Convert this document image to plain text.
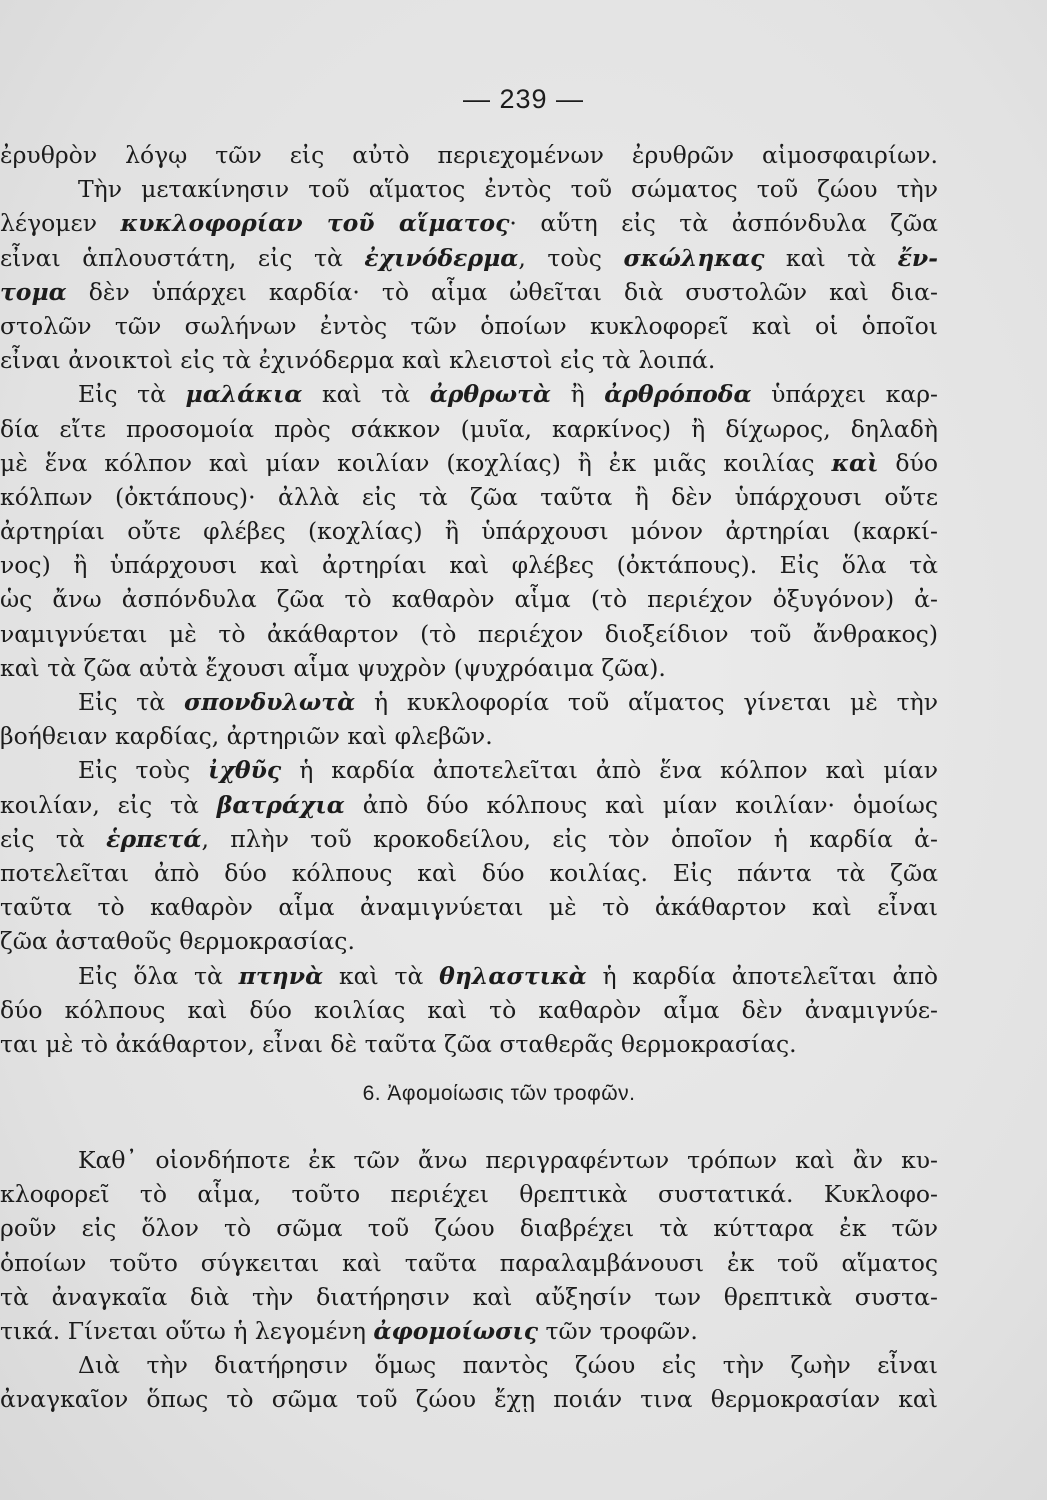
— 239 —
ἐρυθρὸν λόγῳ τῶν εἰς αὐτὸ περιεχομένων ἐρυθρῶν αἱμοσφαιρίων.
Τὴν μετακίνησιν τοῦ αἵματος ἐντὸς τοῦ σώματος τοῦ ζώου τὴν
λέγομεν κυκλοφορίαν τοῦ αἵματος· αὕτη εἰς τὰ ἀσπόνδυλα ζῶα
εἶναι ἁπλουστάτη, εἰς τὰ ἐχινόδερμα, τοὺς σκώληκας καὶ τὰ ἔν-
τομα δὲν ὑπάρχει καρδία· τὸ αἷμα ὠθεῖται διὰ συστολῶν καὶ δια-
στολῶν τῶν σωλήνων ἐντὸς τῶν ὁποίων κυκλοφορεῖ καὶ οἱ ὁποῖοι
εἶναι ἀνοικτοὶ εἰς τὰ ἐχινόδερμα καὶ κλειστοὶ εἰς τὰ λοιπά.
Εἰς τὰ μαλάκια καὶ τὰ ἀρθρωτὰ ἢ ἀρθρόποδα ὑπάρχει καρ-
δία εἴτε προσομοία πρὸς σάκκον (μυῖα, καρκίνος) ἢ δίχωρος, δηλαδὴ
μὲ ἕνα κόλπον καὶ μίαν κοιλίαν (κοχλίας) ἢ ἐκ μιᾶς κοιλίας καὶ δύο
κόλπων (ὀκτάπους)· ἀλλὰ εἰς τὰ ζῶα ταῦτα ἢ δὲν ὑπάρχουσι οὔτε
ἀρτηρίαι οὔτε φλέβες (κοχλίας) ἢ ὑπάρχουσι μόνον ἀρτηρίαι (καρκί-
νος) ἢ ὑπάρχουσι καὶ ἀρτηρίαι καὶ φλέβες (ὀκτάπους). Εἰς ὅλα τὰ
ὡς ἄνω ἀσπόνδυλα ζῶα τὸ καθαρὸν αἷμα (τὸ περιέχον ὀξυγόνον) ἀ-
ναμιγνύεται μὲ τὸ ἀκάθαρτον (τὸ περιέχον διοξείδιον τοῦ ἄνθρακος)
καὶ τὰ ζῶα αὐτὰ ἔχουσι αἷμα ψυχρὸν (ψυχρόαιμα ζῶα).
Εἰς τὰ σπονδυλωτὰ ἡ κυκλοφορία τοῦ αἵματος γίνεται μὲ τὴν
βοήθειαν καρδίας, ἀρτηριῶν καὶ φλεβῶν.
Εἰς τοὺς ἰχθῦς ἡ καρδία ἀποτελεῖται ἀπὸ ἕνα κόλπον καὶ μίαν
κοιλίαν, εἰς τὰ βατράχια ἀπὸ δύο κόλπους καὶ μίαν κοιλίαν· ὁμοίως
εἰς τὰ ἑρπετά, πλὴν τοῦ κροκοδείλου, εἰς τὸν ὁποῖον ἡ καρδία ἀ-
ποτελεῖται ἀπὸ δύο κόλπους καὶ δύο κοιλίας. Εἰς πάντα τὰ ζῶα
ταῦτα τὸ καθαρὸν αἷμα ἀναμιγνύεται μὲ τὸ ἀκάθαρτον καὶ εἶναι
ζῶα ἀσταθοῦς θερμοκρασίας.
Εἰς ὅλα τὰ πτηνὰ καὶ τὰ θηλαστικὰ ἡ καρδία ἀποτελεῖται ἀπὸ
δύο κόλπους καὶ δύο κοιλίας καὶ τὸ καθαρὸν αἷμα δὲν ἀναμιγνύε-
ται μὲ τὸ ἀκάθαρτον, εἶναι δὲ ταῦτα ζῶα σταθερᾶς θερμοκρασίας.
6. Ἀφομοίωσις τῶν τροφῶν.
Καθ᾽ οἱονδήποτε ἐκ τῶν ἄνω περιγραφέντων τρόπων καὶ ἂν κυ-
κλοφορεῖ τὸ αἷμα, τοῦτο περιέχει θρεπτικὰ συστατικά. Κυκλοφο-
ροῦν εἰς ὅλον τὸ σῶμα τοῦ ζώου διαβρέχει τὰ κύτταρα ἐκ τῶν
ὁποίων τοῦτο σύγκειται καὶ ταῦτα παραλαμβάνουσι ἐκ τοῦ αἵματος
τὰ ἀναγκαῖα διὰ τὴν διατήρησιν καὶ αὔξησίν των θρεπτικὰ συστα-
τικά. Γίνεται οὕτω ἡ λεγομένη ἀφομοίωσις τῶν τροφῶν.
Διὰ τὴν διατήρησιν ὅμως παντὸς ζώου εἰς τὴν ζωὴν εἶναι
ἀναγκαῖον ὅπως τὸ σῶμα τοῦ ζώου ἔχῃ ποιάν τινα θερμοκρασίαν καὶ
